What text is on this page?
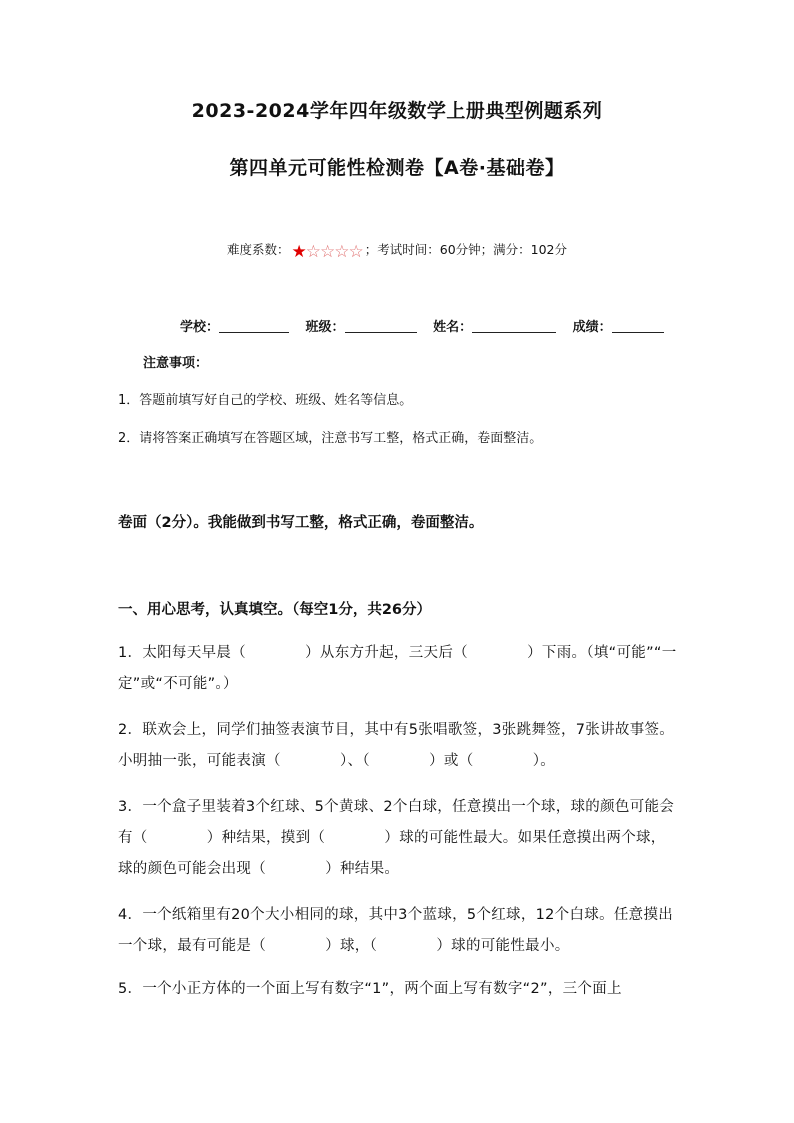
2023-2024学年四年级数学上册典型例题系列
第四单元可能性检测卷【A卷·基础卷】
难度系数： ★☆☆☆☆；考试时间：60分钟；满分：102分
学校：	班级：	姓名：	成绩：
注意事项：
1．答题前填写好自己的学校、班级、姓名等信息。
2．请将答案正确填写在答题区域，注意书写工整，格式正确，卷面整洁。
卷面（2分）。我能做到书写工整，格式正确，卷面整洁。
一、用心思考，认真填空。（每空1分，共26分）
1．太阳每天早晨（　　　　）从东方升起，三天后（　　　　）下雨。（填“可能”“一定”或“不可能”。）
2．联欢会上，同学们抽签表演节目，其中有5张唱歌签，3张跳舞签，7张讲故事签。小明抽一张，可能表演（　　　　）、（　　　　）或（　　　　）。
3．一个盒子里装着3个红球、5个黄球、2个白球，任意摸出一个球，球的颜色可能会有（　　　　）种结果，摸到（　　　　）球的可能性最大。如果任意摸出两个球，球的颜色可能会出现（　　　　）种结果。
4．一个纸箱里有20个大小相同的球，其中3个蓝球，5个红球，12个白球。任意摸出一个球，最有可能是（　　　　）球，（　　　　）球的可能性最小。
5．一个小正方体的一个面上写有数字“1”，两个面上写有数字“2”，三个面上
